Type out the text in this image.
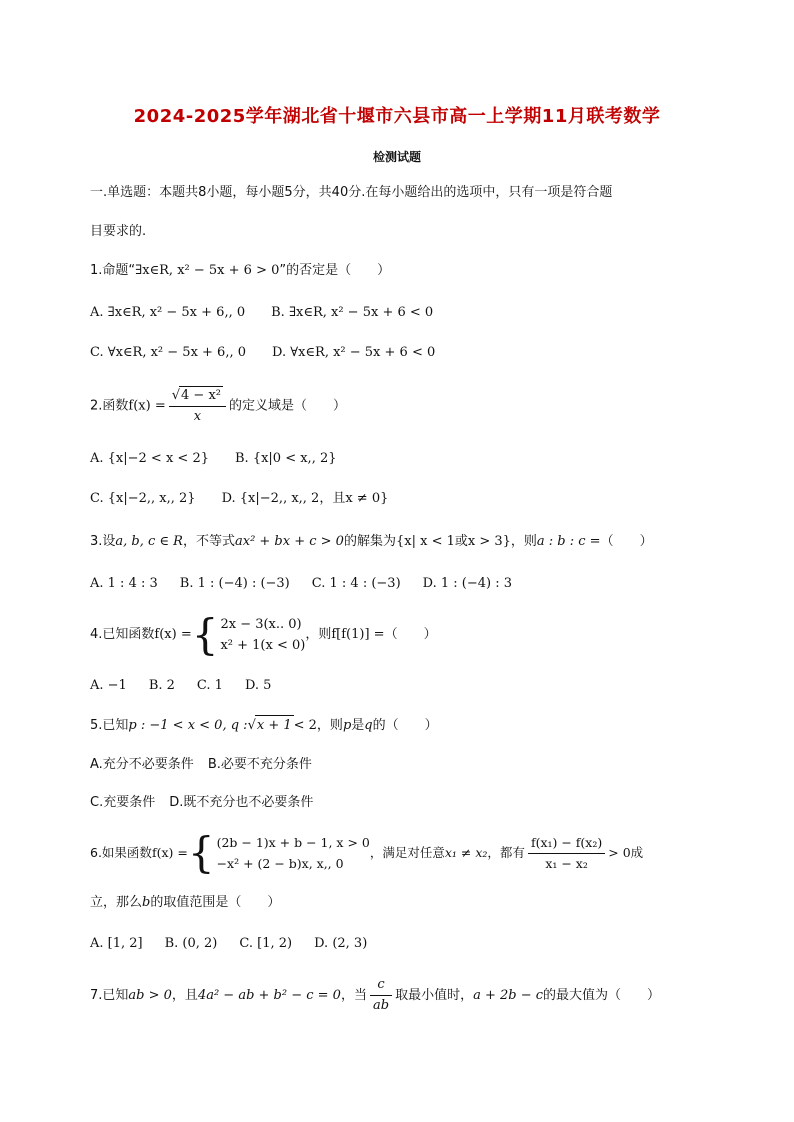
2024-2025学年湖北省十堰市六县市高一上学期11月联考数学
检测试题
一.单选题：本题共8小题，每小题5分，共40分.在每小题给出的选项中，只有一项是符合题
目要求的.
1.命题“∃x∈R, x² − 5x + 6 > 0”的否定是（　　）
A. ∃x∈R, x² − 5x + 6,, 0 B. ∃x∈R, x² − 5x + 6 < 0
C. ∀x∈R, x² − 5x + 6,, 0 D. ∀x∈R, x² − 5x + 6 < 0
2.函数$f(x) = \frac{\text{√4 − x²}}{x}$ 的定义域是（　　）
A. {x|−2 < x < 2} B. {x|0 < x,, 2}
C. {x|−2,, x,, 2} D. {x|−2,, x,, 2，且x ≠ 0}
3.设a, b, c ∈ R，不等式ax² + bx + c > 0的解集为{x| x < 1或x > 3}，则a : b : c =（　　）
A. 1 : 4 : 3 B. 1 : (−4) : (−3) C. 1 : 4 : (−3) D. 1 : (−4) : 3
4.已知函数f(x) ={ 2x − 3(x.. 0)
x² + 1(x < 0)
，则f[f(1)] =（　　）
A. −1 B. 2 C. 1 D. 5
5.已知p : −1 < x < 0, q :√x + 1 < 2，则p是q的（　　）
A.充分不必要条件 B.必要不充分条件
C.充要条件 D.既不充分也不必要条件
6.如果函数f(x) ={ (2b − 1)x + b − 1, x > 0
−x² + (2 − b)x, x,, 0
，满足对任意x₁ ≠ x₂，都有 $\frac{\text{f(x₁) − f(x₂)}}{\text{x₁ − x₂}} > 0$成
立，那么b的取值范围是（　　）
A. [1, 2] B. (0, 2) C. [1, 2) D. (2, 3)
7.已知ab > 0，且4a² − ab + b² − c = 0，当 $\frac{c}{ab}$ 取最小值时，a + 2b − c的最大值为（　　）
